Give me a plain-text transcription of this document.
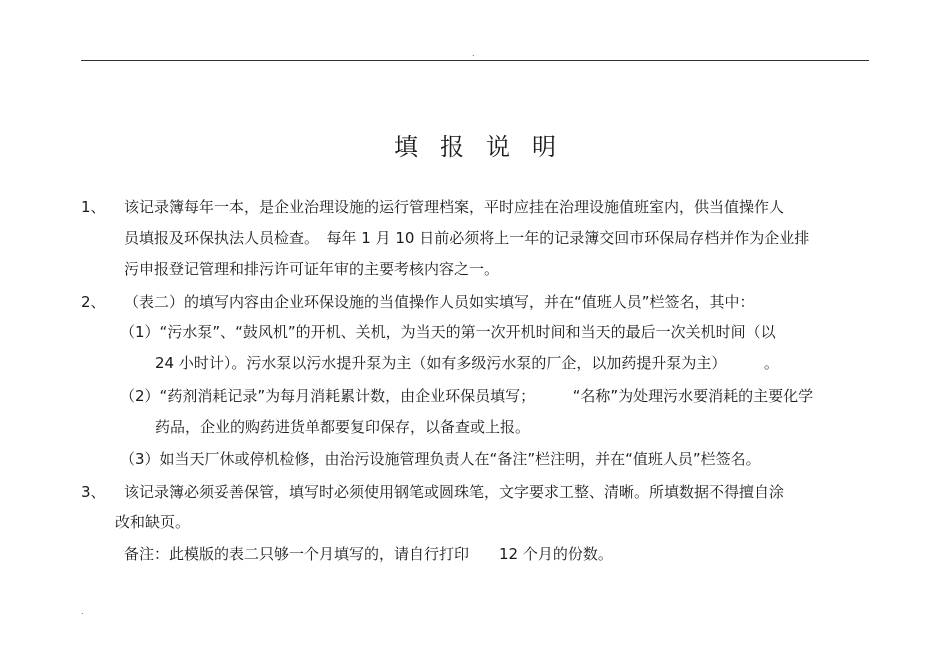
.
填报说明
1、 该记录簿每年一本，是企业治理设施的运行管理档案，平时应挂在治理设施值班室内，供当值操作人
员填报及环保执法人员检查。　每年 1 月 10 日前必须将上一年的记录簿交回市环保局存档并作为企业排
污申报登记管理和排污许可证年审的主要考核内容之一。
2、 （表二）的填写内容由企业环保设施的当值操作人员如实填写，并在“值班人员”栏签名，其中：
（1）“污水泵”、“鼓风机”的开机、关机，为当天的第一次开机时间和当天的最后一次关机时间（以
24 小时计）。污水泵以污水提升泵为主（如有多级污水泵的厂企，以加药提升泵为主）　　　。
（2）“药剂消耗记录”为每月消耗累计数，由企业环保员填写；　　　“名称”为处理污水要消耗的主要化学
药品，企业的购药进货单都要复印保存，以备查或上报。
（3）如当天厂休或停机检修，由治污设施管理负责人在“备注”栏注明，并在“值班人员”栏签名。
3、 该记录簿必须妥善保管，填写时必须使用钢笔或圆珠笔，文字要求工整、清晰。所填数据不得擅自涂
改和缺页。
备注：此模版的表二只够一个月填写的，请自行打印　　12 个月的份数。
.
